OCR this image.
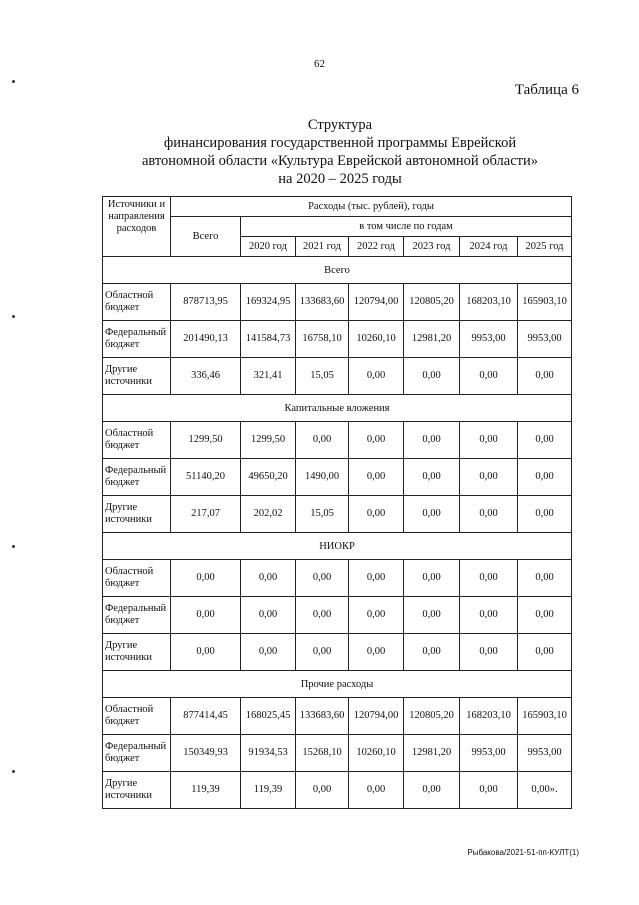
62
Таблица 6
Структура
финансирования государственной программы Еврейской
автономной области «Культура Еврейской автономной области»
на 2020 – 2025 годы
Источники и направления расходов	Расходы (тыс. рублей), годы						
	Всего	в том числе по годам					
		2020 год	2021 год	2022 год	2023 год	2024 год	2025 год
Всего							
Областной бюджет	878713,95	169324,95	133683,60	120794,00	120805,20	168203,10	165903,10
Федеральный бюджет	201490,13	141584,73	16758,10	10260,10	12981,20	9953,00	9953,00
Другие источники	336,46	321,41	15,05	0,00	0,00	0,00	0,00
Капитальные вложения							
Областной бюджет	1299,50	1299,50	0,00	0,00	0,00	0,00	0,00
Федеральный бюджет	51140,20	49650,20	1490,00	0,00	0,00	0,00	0,00
Другие источники	217,07	202,02	15,05	0,00	0,00	0,00	0,00
НИОКР							
Областной бюджет	0,00	0,00	0,00	0,00	0,00	0,00	0,00
Федеральный бюджет	0,00	0,00	0,00	0,00	0,00	0,00	0,00
Другие источники	0,00	0,00	0,00	0,00	0,00	0,00	0,00
Прочие расходы							
Областной бюджет	877414,45	168025,45	133683,60	120794,00	120805,20	168203,10	165903,10
Федеральный бюджет	150349,93	91934,53	15268,10	10260,10	12981,20	9953,00	9953,00
Другие источники	119,39	119,39	0,00	0,00	0,00	0,00	0,00».
Рыбакова/2021-51-пп-КУЛТ(1)
